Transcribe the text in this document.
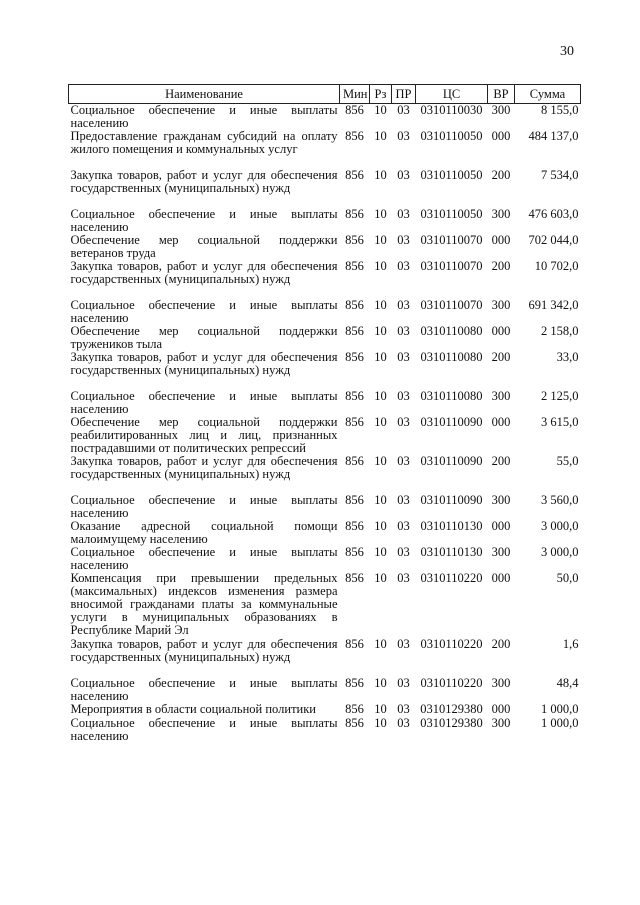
30
Наименование	Мин	Рз	ПР	ЦС	ВР	Сумма
Социальное обеспечение и иные выплаты населению	856	10	03	0310110030	300	8 155,0
Предоставление гражданам субсидий на оплату жилого помещения и коммунальных услуг	856	10	03	0310110050	000	484 137,0
Закупка товаров, работ и услуг для обеспечения государственных (муниципальных) нужд	856	10	03	0310110050	200	7 534,0
Социальное обеспечение и иные выплаты населению	856	10	03	0310110050	300	476 603,0
Обеспечение мер социальной поддержки ветеранов труда	856	10	03	0310110070	000	702 044,0
Закупка товаров, работ и услуг для обеспечения государственных (муниципальных) нужд	856	10	03	0310110070	200	10 702,0
Социальное обеспечение и иные выплаты населению	856	10	03	0310110070	300	691 342,0
Обеспечение мер социальной поддержки тружеников тыла	856	10	03	0310110080	000	2 158,0
Закупка товаров, работ и услуг для обеспечения государственных (муниципальных) нужд	856	10	03	0310110080	200	33,0
Социальное обеспечение и иные выплаты населению	856	10	03	0310110080	300	2 125,0
Обеспечение мер социальной поддержки реабилитированных лиц и лиц, признанных пострадавшими от политических репрессий	856	10	03	0310110090	000	3 615,0
Закупка товаров, работ и услуг для обеспечения государственных (муниципальных) нужд	856	10	03	0310110090	200	55,0
Социальное обеспечение и иные выплаты населению	856	10	03	0310110090	300	3 560,0
Оказание адресной социальной помощи малоимущему населению	856	10	03	0310110130	000	3 000,0
Социальное обеспечение и иные выплаты населению	856	10	03	0310110130	300	3 000,0
Компенсация при превышении предельных (максимальных) индексов изменения размера вносимой гражданами платы за коммунальные услуги в муниципальных образованиях в Республике Марий Эл	856	10	03	0310110220	000	50,0
Закупка товаров, работ и услуг для обеспечения государственных (муниципальных) нужд	856	10	03	0310110220	200	1,6
Социальное обеспечение и иные выплаты населению	856	10	03	0310110220	300	48,4
Мероприятия в области социальной политики	856	10	03	0310129380	000	1 000,0
Социальное обеспечение и иные выплаты населению	856	10	03	0310129380	300	1 000,0
